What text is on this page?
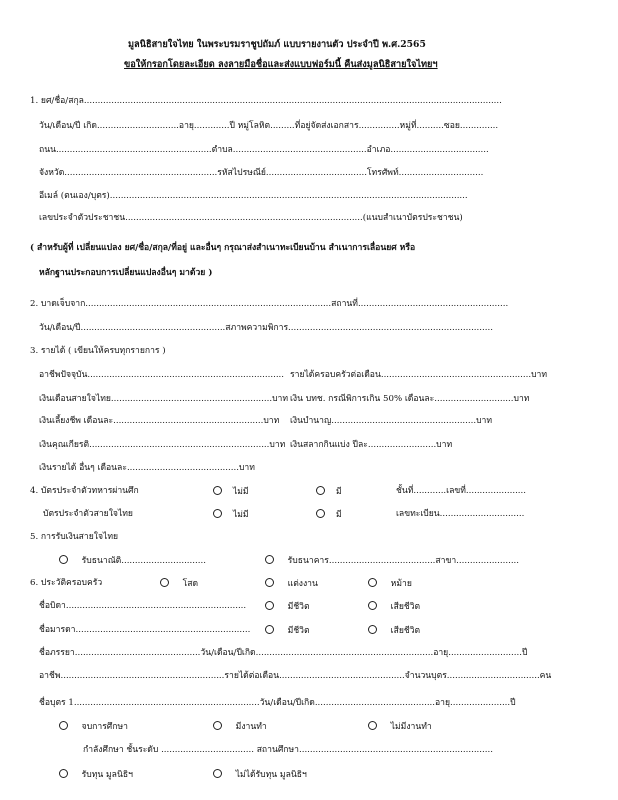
มูลนิธิสายใจไทย ในพระบรมราชูปถัมภ์ แบบรายงานตัว ประจำปี พ.ศ.2565
ขอให้กรอกโดยละเอียด ลงลายมือชื่อและส่งแบบฟอร์มนี้ คืนส่งมูลนิธิสายใจไทยฯ
1. ยศ/ชื่อ/สกุล.........................................................................................................................................................
วัน/เดือน/ปี เกิด..............................อายุ.............ปี หมู่โลหิต.........ที่อยู่จัดส่งเอกสาร...............หมู่ที่..........ซอย..............
ถนน.........................................................ตำบล.................................................อำเภอ....................................
จังหวัด........................................................รหัสไปรษณีย์.....................................โทรศัพท์...............................
อีเมล์ (ตนเอง/บุตร)...................................................................................................................................
เลขประจำตัวประชาชน.......................................................................................(แนบสำเนาบัตรประชาชน)
( สำหรับผู้ที่ เปลี่ยนแปลง ยศ/ชื่อ/สกุล/ที่อยู่ และอื่นๆ กรุณาส่งสำเนาทะเบียนบ้าน สำเนาการเลื่อนยศ หรือ
หลักฐานประกอบการเปลี่ยนแปลงอื่นๆ มาด้วย )
2. บาดเจ็บจาก..........................................................................................สถานที่.......................................................
วัน/เดือน/ปี.....................................................สภาพความพิการ...........................................................................
3. รายได้ ( เขียนให้ครบทุกรายการ )
อาชีพปัจจุบัน........................................................................ รายได้ครอบครัวต่อเดือน.......................................................บาท
เงินเดือนสายใจไทย...........................................................บาท เงิน บทช. กรณีพิการเกิน 50% เดือนละ.............................บาท
เงินเลี้ยงชีพ เดือนละ.......................................................บาท เงินบำนาญ.....................................................บาท
เงินคุณเกียรติ..................................................................บาท เงินสลากกินแบ่ง ปีละ.........................บาท
เงินรายได้ อื่นๆ เดือนละ.........................................บาท
4. บัตรประจำตัวทหารผ่านศึก	ไม่มี	มี	ชั้นที่............เลขที่......................
บัตรประจำตัวสายใจไทย	ไม่มี	มี	เลขทะเบียน...............................
5. การรับเงินสายใจไทย
รับธนาณัติ...............................	รับธนาคาร.......................................สาขา.......................
6. ประวัติครอบครัว	โสด	แต่งงาน	หม้าย
ชื่อบิดา..................................................................	มีชีวิต	เสียชีวิต
ชื่อมารดา................................................................	มีชีวิต	เสียชีวิต
ชื่อภรรยา..............................................วัน/เดือน/ปีเกิด.................................................................อายุ...........................ปี
อาชีพ............................................................รายได้ต่อเดือน..............................................จำนวนบุตร..................................คน
ชื่อบุตร 1....................................................................วัน/เดือน/ปีเกิด............................................อายุ......................ปี
จบการศึกษา	มีงานทำ	ไม่มีงานทำ
กำลังศึกษา ชั้นระดับ .................................. สถานศึกษา.......................................................................
รับทุน มูลนิธิฯ	ไม่ได้รับทุน มูลนิธิฯ
